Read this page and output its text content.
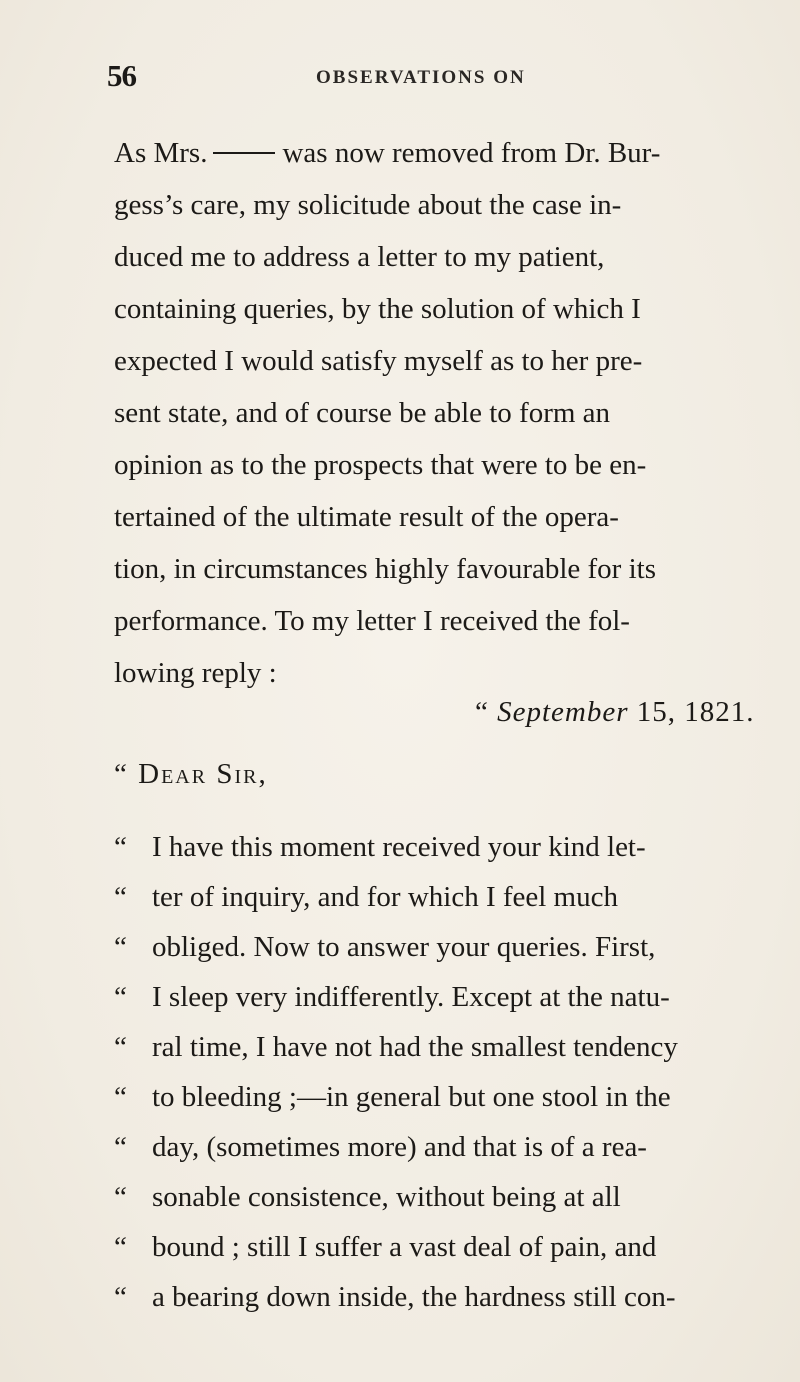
56	OBSERVATIONS ON
As Mrs.	was now removed from Dr. Bur-
gess’s care, my solicitude about the case in-
duced me to address a letter to my patient,
containing queries, by the solution of which I
expected I would satisfy myself as to her pre-
sent state, and of course be able to form an
opinion as to the prospects that were to be en-
tertained of the ultimate result of the opera-
tion, in circumstances highly favourable for its
performance. To my letter I received the fol-
lowing reply :
“ September 15, 1821.
“ Dear Sir,
“ I have this moment received your kind let-
“ ter of inquiry, and for which I feel much
“ obliged. Now to answer your queries. First,
“ I sleep very indifferently. Except at the natu-
“ ral time, I have not had the smallest tendency
“ to bleeding ;—in general but one stool in the
“ day, (sometimes more) and that is of a rea-
“ sonable consistence, without being at all
“ bound ; still I suffer a vast deal of pain, and
“ a bearing down inside, the hardness still con-
